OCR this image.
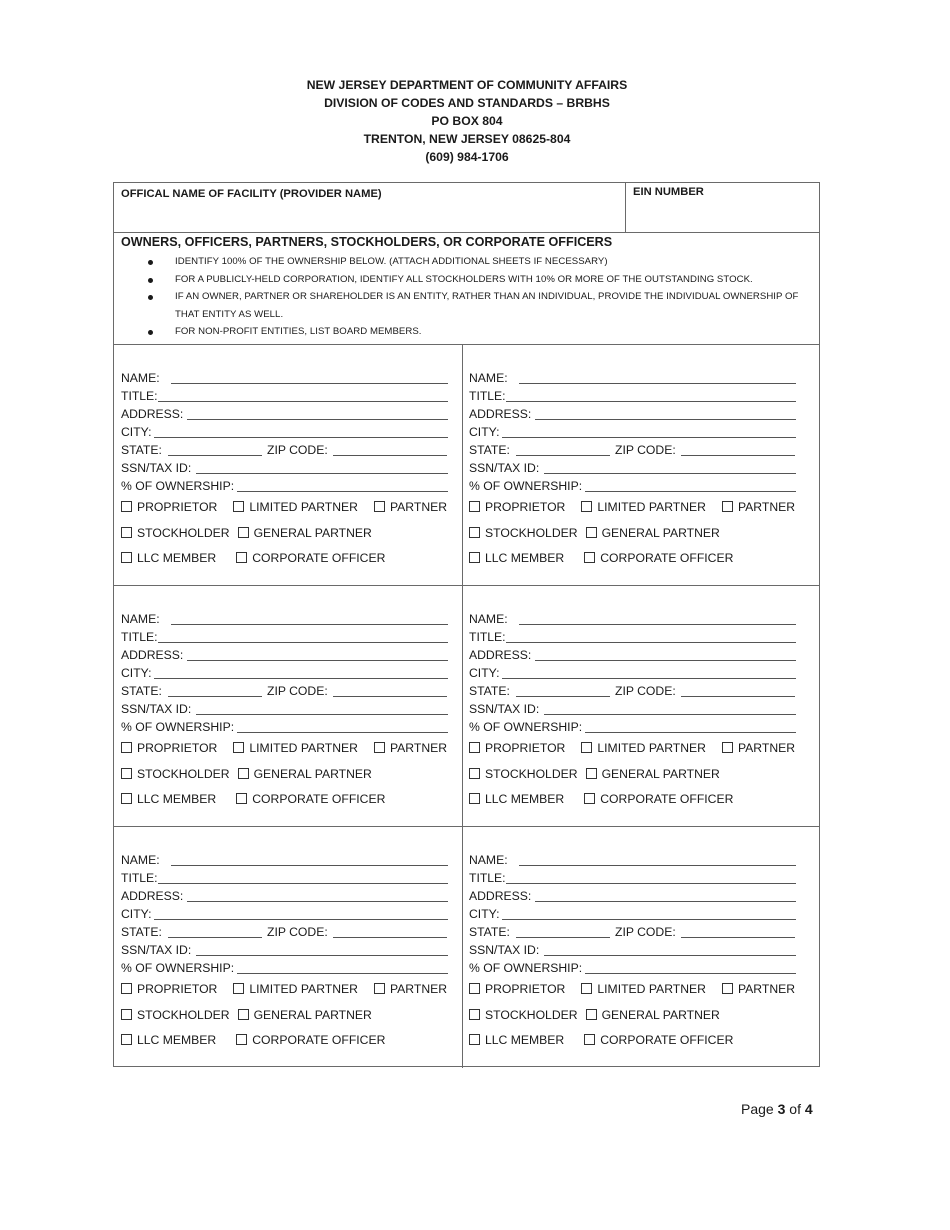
NEW JERSEY DEPARTMENT OF COMMUNITY AFFAIRS
DIVISION OF CODES AND STANDARDS – BRBHS
PO BOX 804
TRENTON, NEW JERSEY 08625-804
(609) 984-1706
OFFICAL NAME OF FACILITY (PROVIDER NAME)	EIN NUMBER
OWNERS, OFFICERS, PARTNERS, STOCKHOLDERS, OR CORPORATE OFFICERS
IDENTIFY 100% OF THE OWNERSHIP BELOW. (ATTACH ADDITIONAL SHEETS IF NECESSARY)
FOR A PUBLICLY-HELD CORPORATION, IDENTIFY ALL STOCKHOLDERS WITH 10% OR MORE OF THE OUTSTANDING STOCK.
IF AN OWNER, PARTNER OR SHAREHOLDER IS AN ENTITY, RATHER THAN AN INDIVIDUAL, PROVIDE THE INDIVIDUAL OWNERSHIP OF THAT ENTITY AS WELL.
FOR NON-PROFIT ENTITIES, LIST BOARD MEMBERS.
NAME:
TITLE:
ADDRESS:
CITY:
STATE:	ZIP CODE:
SSN/TAX ID:
% OF OWNERSHIP:
PROPRIETOR	LIMITED PARTNER	PARTNER
STOCKHOLDER GENERAL PARTNER
LLC MEMBER	CORPORATE OFFICER
NAME:
TITLE:
ADDRESS:
CITY:
STATE:	ZIP CODE:
SSN/TAX ID:
% OF OWNERSHIP:
PROPRIETOR	LIMITED PARTNER	PARTNER
STOCKHOLDER GENERAL PARTNER
LLC MEMBER	CORPORATE OFFICER
NAME:
TITLE:
ADDRESS:
CITY:
STATE:	ZIP CODE:
SSN/TAX ID:
% OF OWNERSHIP:
PROPRIETOR	LIMITED PARTNER	PARTNER
STOCKHOLDER GENERAL PARTNER
LLC MEMBER	CORPORATE OFFICER
NAME:
TITLE:
ADDRESS:
CITY:
STATE:	ZIP CODE:
SSN/TAX ID:
% OF OWNERSHIP:
PROPRIETOR	LIMITED PARTNER	PARTNER
STOCKHOLDER GENERAL PARTNER
LLC MEMBER	CORPORATE OFFICER
NAME:
TITLE:
ADDRESS:
CITY:
STATE:	ZIP CODE:
SSN/TAX ID:
% OF OWNERSHIP:
PROPRIETOR	LIMITED PARTNER	PARTNER
STOCKHOLDER GENERAL PARTNER
LLC MEMBER	CORPORATE OFFICER
NAME:
TITLE:
ADDRESS:
CITY:
STATE:	ZIP CODE:
SSN/TAX ID:
% OF OWNERSHIP:
PROPRIETOR	LIMITED PARTNER	PARTNER
STOCKHOLDER GENERAL PARTNER
LLC MEMBER	CORPORATE OFFICER
Page 3 of 4
